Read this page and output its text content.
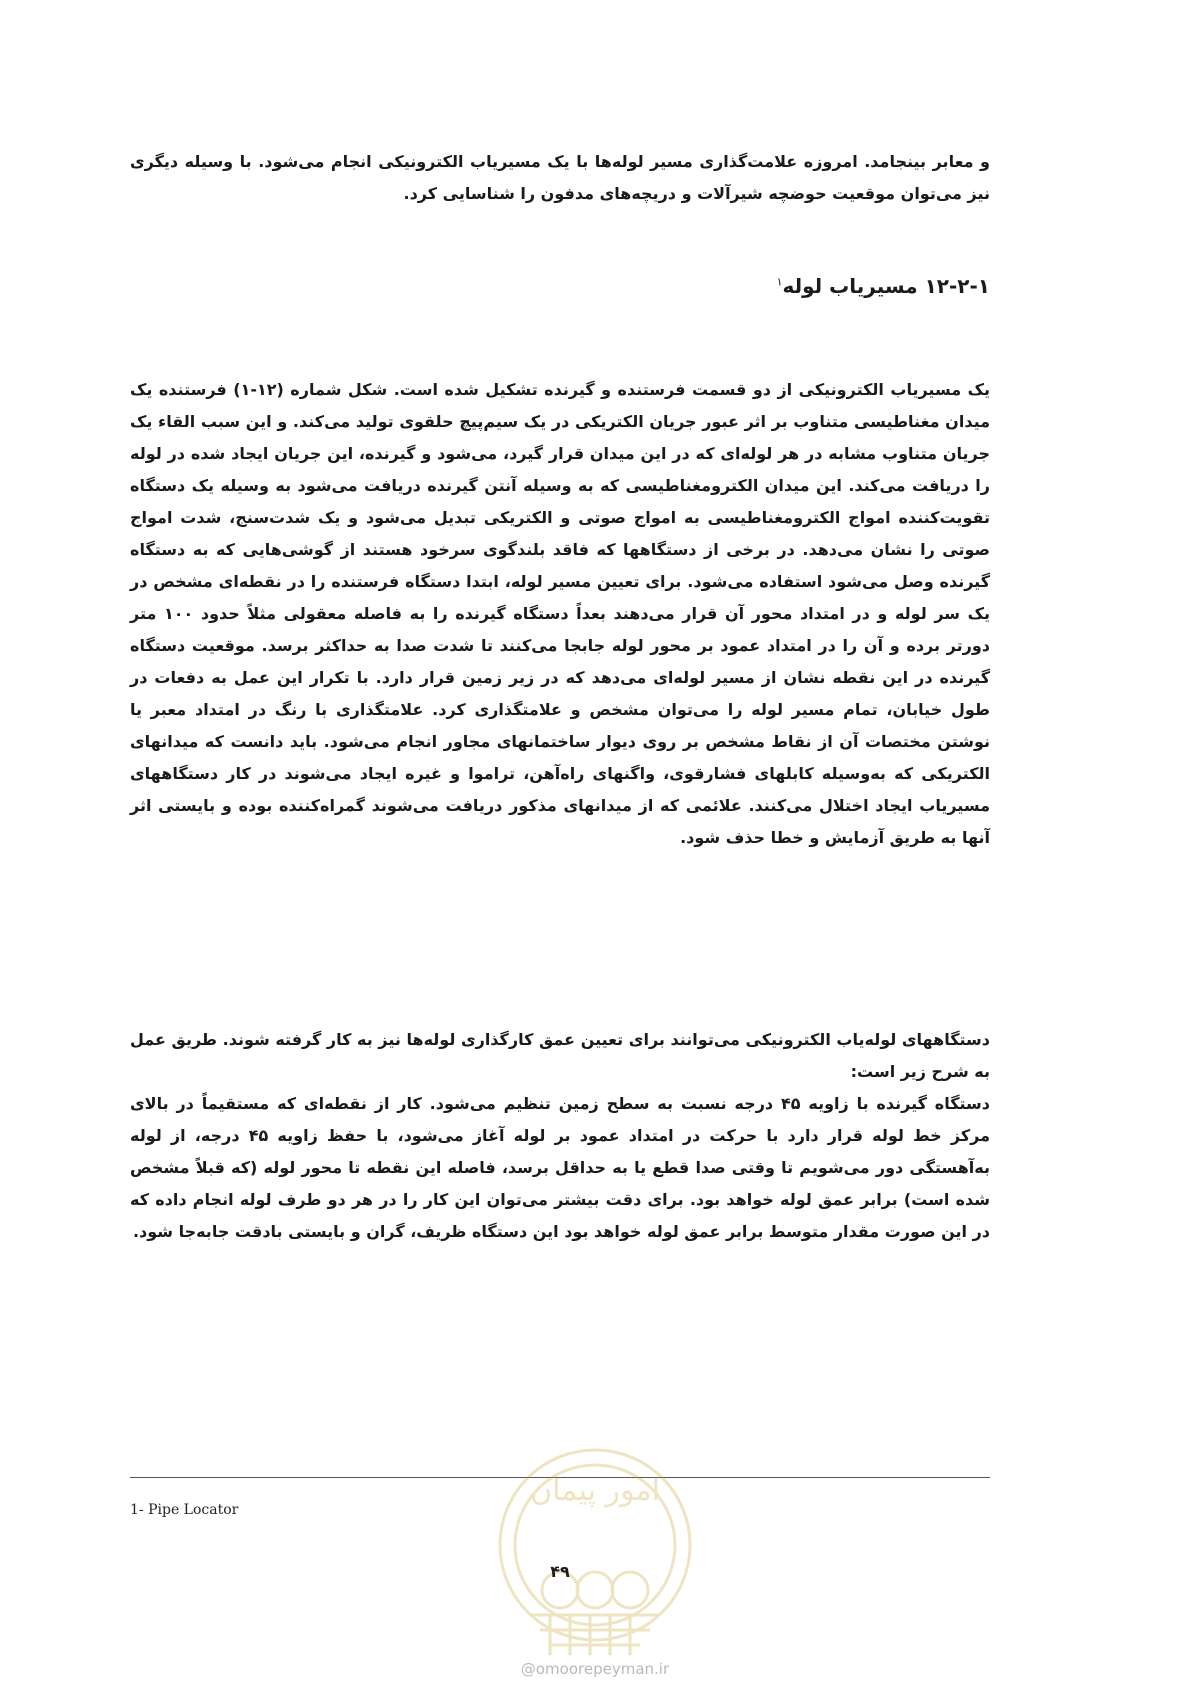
و معابر بینجامد. امروزه علامت‌گذاری مسیر لوله‌ها با یک مسیریاب الکترونیکی انجام می‌شود. با وسیله دیگری نیز می‌توان موقعیت حوضچه شیرآلات و دریچه‌های مدفون را شناسایی کرد.

۱۲-۲-۱ مسیریاب لوله$^۱$

یک مسیریاب الکترونیکی از دو قسمت فرستنده و گیرنده تشکیل شده است. شکل شماره (۱۲-۱) فرستنده یک میدان مغناطیسی متناوب بر اثر عبور جریان الکتریکی در یک سیم‌پیچ حلقوی تولید می‌کند. و این سبب القاء یک جریان متناوب مشابه در هر لوله‌ای که در این میدان قرار گیرد، می‌شود و گیرنده، این جریان ایجاد شده در لوله را دریافت می‌کند. این میدان الکترومغناطیسی که به وسیله آنتن گیرنده دریافت می‌شود به وسیله یک دستگاه تقویت‌کننده امواج الکترومغناطیسی به امواج صوتی و الکتریکی تبدیل می‌شود و یک شدت‌سنج، شدت امواج صوتی را نشان می‌دهد. در برخی از دستگاهها که فاقد بلندگوی سرخود هستند از گوشی‌هایی که به دستگاه گیرنده وصل می‌شود استفاده می‌شود. برای تعیین مسیر لوله، ابتدا دستگاه فرستنده را در نقطه‌ای مشخص در یک سر لوله و در امتداد محور آن قرار می‌دهند بعداً دستگاه گیرنده را به فاصله معقولی مثلاً حدود ۱۰۰ متر دورتر برده و آن را در امتداد عمود بر محور لوله جابجا می‌کنند تا شدت صدا به حداکثر برسد. موقعیت دستگاه گیرنده در این نقطه نشان از مسیر لوله‌ای می‌دهد که در زیر زمین قرار دارد. با تکرار این عمل به دفعات در طول خیابان، تمام مسیر لوله را می‌توان مشخص و علامتگذاری کرد. علامتگذاری با رنگ در امتداد معبر یا نوشتن مختصات آن از نقاط مشخص بر روی دیوار ساختمانهای مجاور انجام می‌شود. باید دانست که میدانهای الکتریکی که به‌وسیله کابلهای فشارقوی، واگنهای راه‌آهن، تراموا و غیره ایجاد می‌شوند در کار دستگاههای مسیریاب ایجاد اختلال می‌کنند. علائمی که از میدانهای مذکور دریافت می‌شوند گمراه‌کننده بوده و بایستی اثر آنها به طریق آزمایش و خطا حذف شود.

دستگاههای لوله‌یاب الکترونیکی می‌توانند برای تعیین عمق کارگذاری لوله‌ها نیز به کار گرفته شوند. طریق عمل به شرح زیر است:

دستگاه گیرنده با زاویه ۴۵ درجه نسبت به سطح زمین تنظیم می‌شود. کار از نقطه‌ای که مستقیماً در بالای مرکز خط لوله قرار دارد با حرکت در امتداد عمود بر لوله آغاز می‌شود، با حفظ زاویه ۴۵ درجه، از لوله به‌آهستگی دور می‌شویم تا وقتی صدا قطع یا به حداقل برسد، فاصله این نقطه تا محور لوله (که قبلاً مشخص شده است) برابر عمق لوله خواهد بود. برای دقت بیشتر می‌توان این کار را در هر دو طرف لوله انجام داده که در این صورت مقدار متوسط برابر عمق لوله خواهد بود این دستگاه ظریف، گران و بایستی بادقت جابه‌جا شود.

1- Pipe Locator
امور پیمان
۴۹
@omoorepeyman.ir
